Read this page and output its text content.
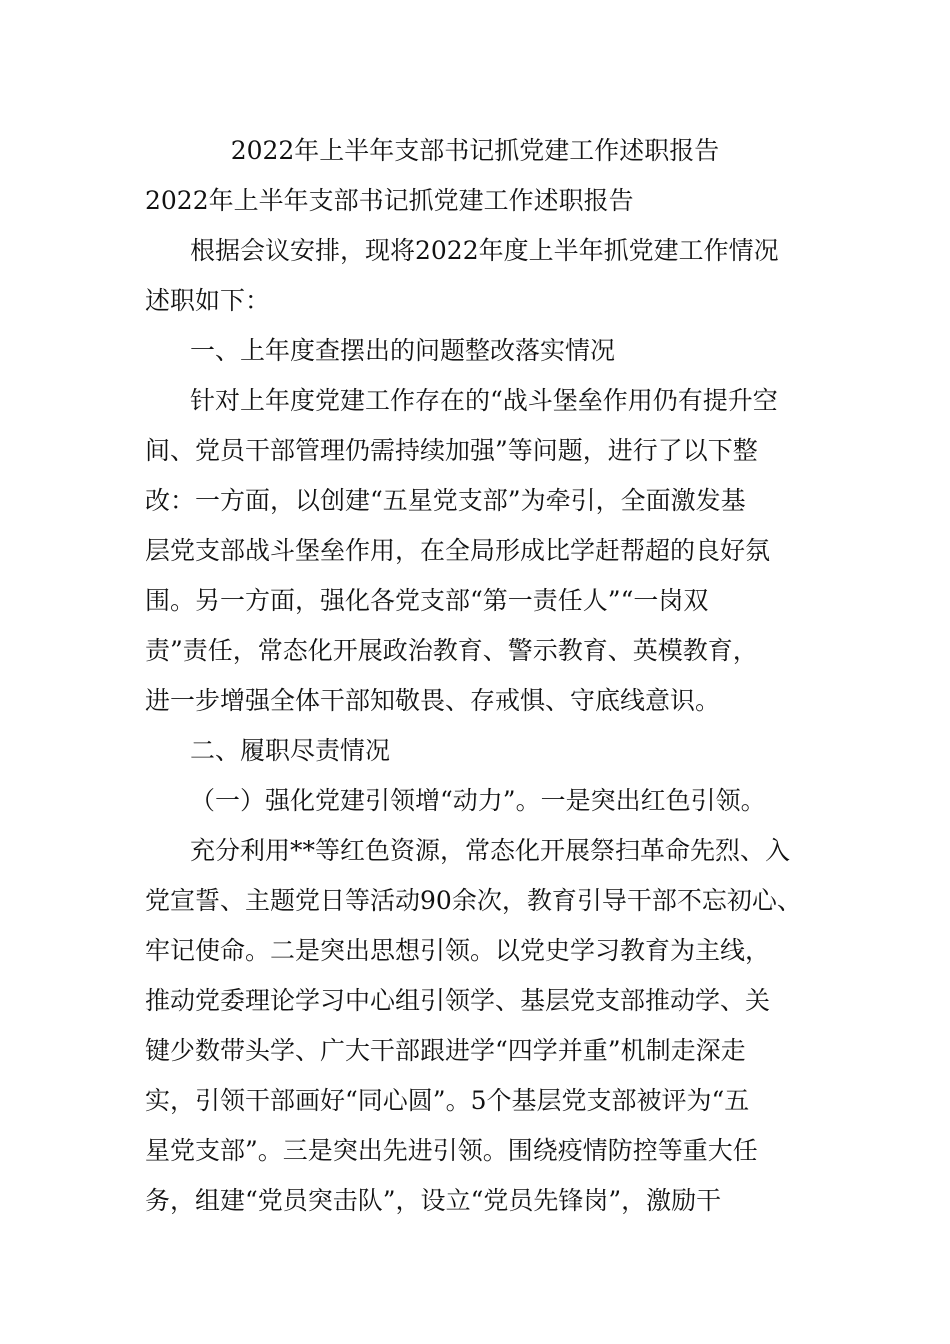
2022年上半年支部书记抓党建工作述职报告
2022年上半年支部书记抓党建工作述职报告
根据会议安排，现将2022年度上半年抓党建工作情况
述职如下：
一、上年度查摆出的问题整改落实情况
针对上年度党建工作存在的“战斗堡垒作用仍有提升空
间、党员干部管理仍需持续加强”等问题，进行了以下整
改：一方面，以创建“五星党支部”为牵引，全面激发基
层党支部战斗堡垒作用，在全局形成比学赶帮超的良好氛
围。另一方面，强化各党支部“第一责任人”“一岗双
责”责任，常态化开展政治教育、警示教育、英模教育，
进一步增强全体干部知敬畏、存戒惧、守底线意识。
二、履职尽责情况
（一）强化党建引领增“动力”。一是突出红色引领。
充分利用**等红色资源，常态化开展祭扫革命先烈、入
党宣誓、主题党日等活动90余次，教育引导干部不忘初心、
牢记使命。二是突出思想引领。以党史学习教育为主线，
推动党委理论学习中心组引领学、基层党支部推动学、关
键少数带头学、广大干部跟进学“四学并重”机制走深走
实，引领干部画好“同心圆”。5个基层党支部被评为“五
星党支部”。三是突出先进引领。围绕疫情防控等重大任
务，组建“党员突击队”，设立“党员先锋岗”，激励干
